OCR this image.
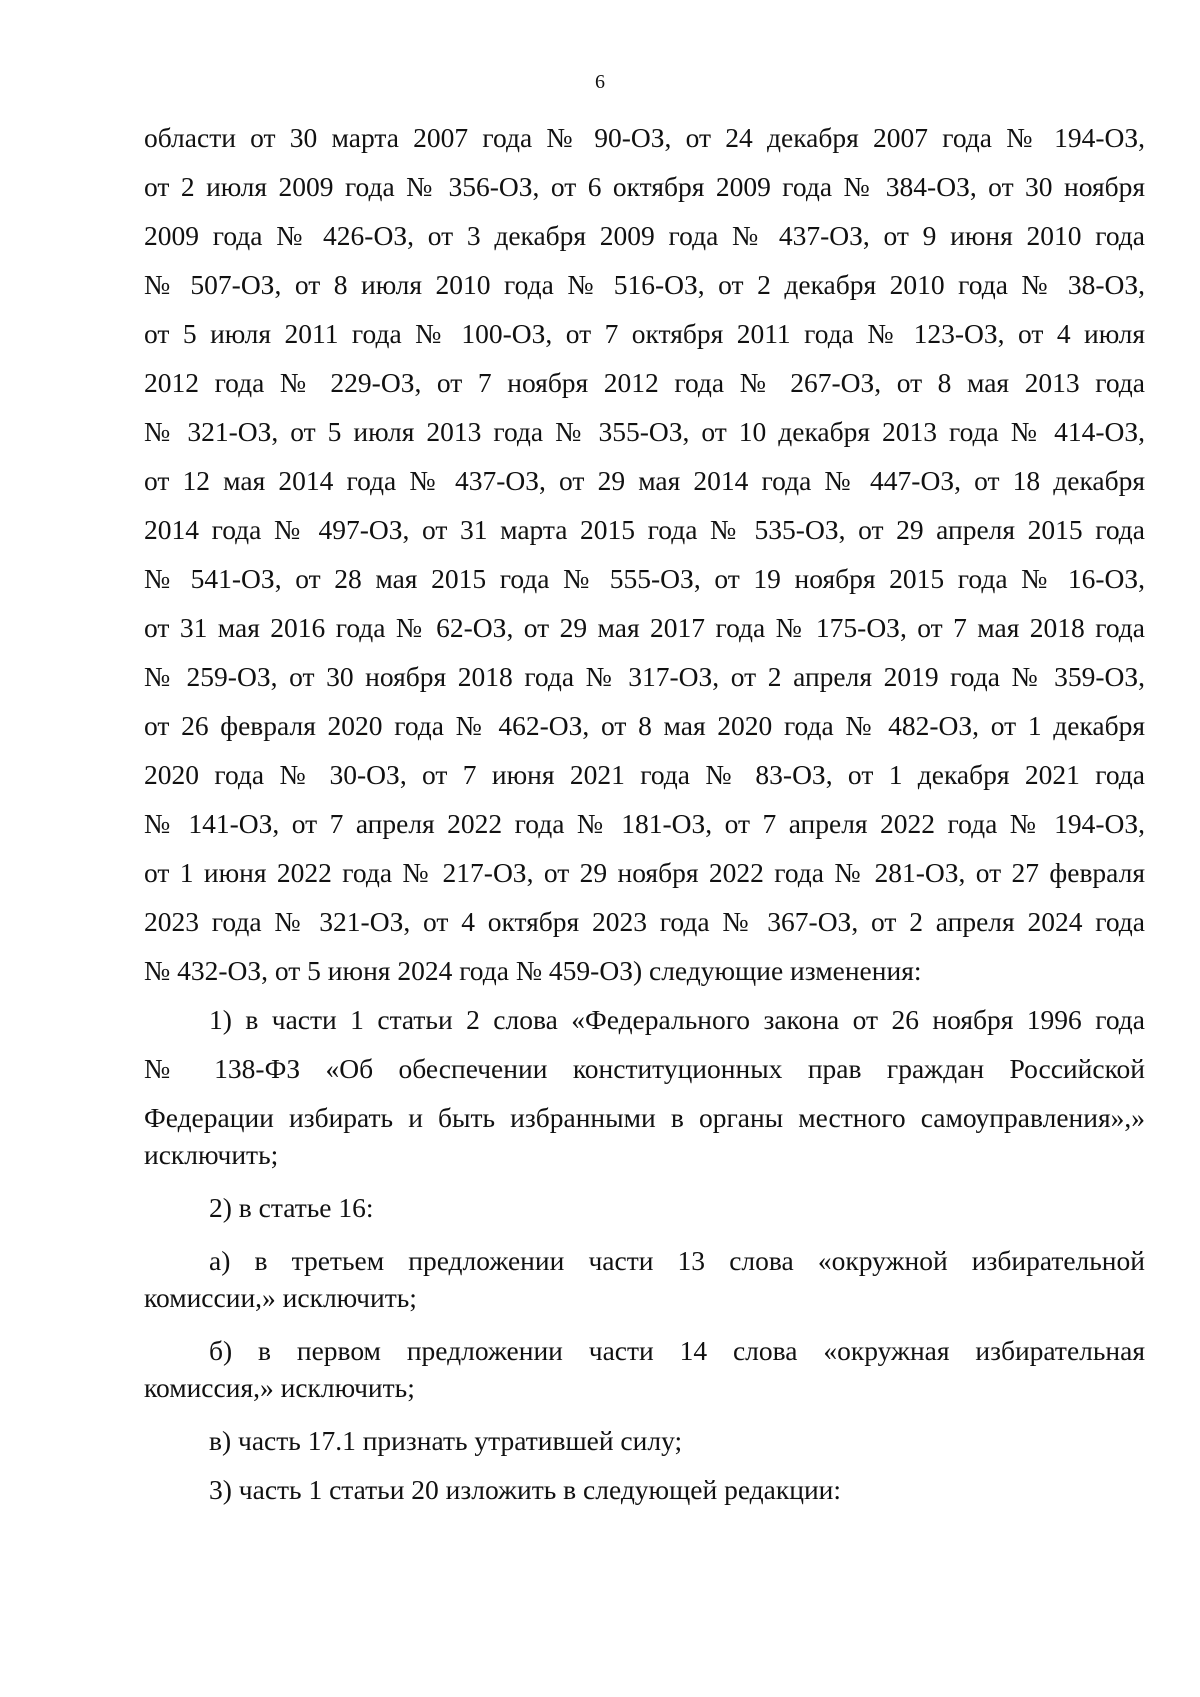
6
области от 30 марта 2007 года № 90-ОЗ, от 24 декабря 2007 года № 194-ОЗ,
от 2 июля 2009 года № 356-ОЗ, от 6 октября 2009 года № 384-ОЗ, от 30 ноября
2009 года № 426-ОЗ, от 3 декабря 2009 года № 437-ОЗ, от 9 июня 2010 года
№ 507-ОЗ, от 8 июля 2010 года № 516-ОЗ, от 2 декабря 2010 года № 38-ОЗ,
от 5 июля 2011 года № 100-ОЗ, от 7 октября 2011 года № 123-ОЗ, от 4 июля
2012 года № 229-ОЗ, от 7 ноября 2012 года № 267-ОЗ, от 8 мая 2013 года
№ 321-ОЗ, от 5 июля 2013 года № 355-ОЗ, от 10 декабря 2013 года № 414-ОЗ,
от 12 мая 2014 года № 437-ОЗ, от 29 мая 2014 года № 447-ОЗ, от 18 декабря
2014 года № 497-ОЗ, от 31 марта 2015 года № 535-ОЗ, от 29 апреля 2015 года
№ 541-ОЗ, от 28 мая 2015 года № 555-ОЗ, от 19 ноября 2015 года № 16-ОЗ,
от 31 мая 2016 года № 62-ОЗ, от 29 мая 2017 года № 175-ОЗ, от 7 мая 2018 года
№ 259-ОЗ, от 30 ноября 2018 года № 317-ОЗ, от 2 апреля 2019 года № 359-ОЗ,
от 26 февраля 2020 года № 462-ОЗ, от 8 мая 2020 года № 482-ОЗ, от 1 декабря
2020 года № 30-ОЗ, от 7 июня 2021 года № 83-ОЗ, от 1 декабря 2021 года
№ 141-ОЗ, от 7 апреля 2022 года № 181-ОЗ, от 7 апреля 2022 года № 194-ОЗ,
от 1 июня 2022 года № 217-ОЗ, от 29 ноября 2022 года № 281-ОЗ, от 27 февраля
2023 года № 321-ОЗ, от 4 октября 2023 года № 367-ОЗ, от 2 апреля 2024 года
№ 432-ОЗ, от 5 июня 2024 года № 459-ОЗ) следующие изменения:
1) в части 1 статьи 2 слова «Федерального закона от 26 ноября 1996 года
№ 138-ФЗ «Об обеспечении конституционных прав граждан Российской
Федерации избирать и быть избранными в органы местного самоуправления»,»
исключить;
2) в статье 16:
а) в третьем предложении части 13 слова «окружной избирательной
комиссии,» исключить;
б) в первом предложении части 14 слова «окружная избирательная
комиссия,» исключить;
в) часть 17.1 признать утратившей силу;
3) часть 1 статьи 20 изложить в следующей редакции:
